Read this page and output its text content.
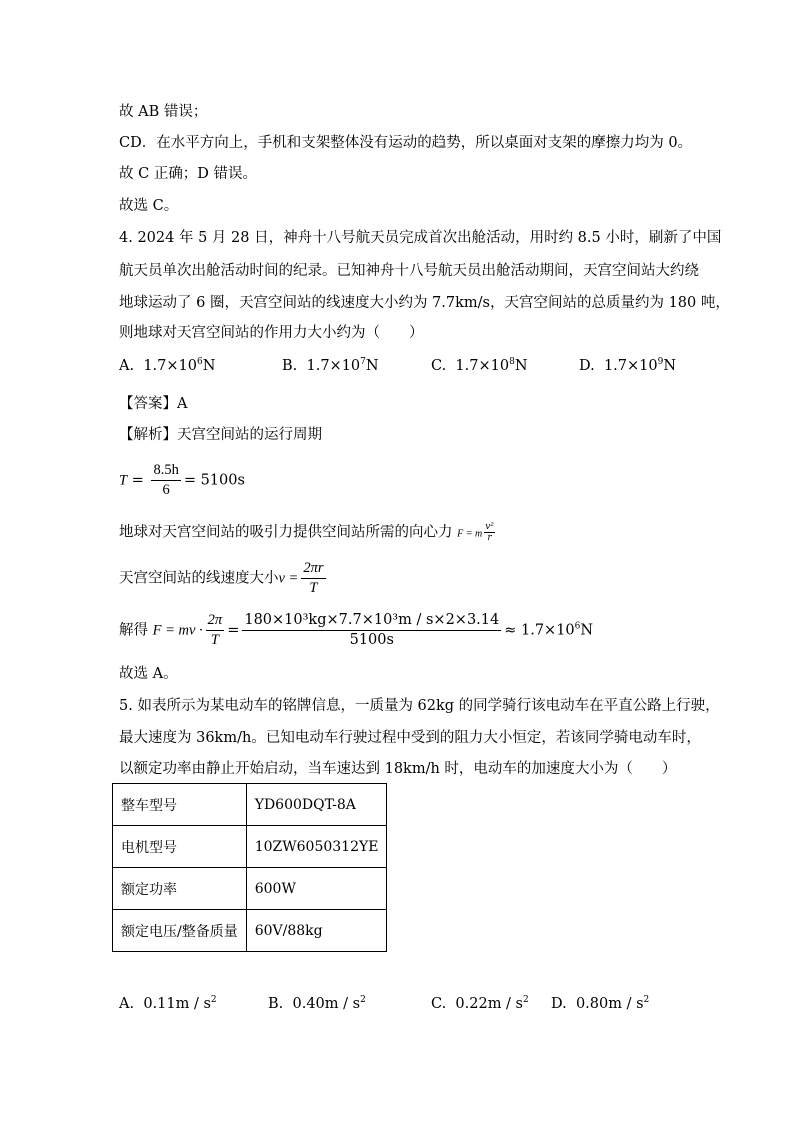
故 AB 错误；
CD．在水平方向上，手机和支架整体没有运动的趋势，所以桌面对支架的摩擦力均为 0。
故 C 正确；D 错误。
故选 C。
4. 2024 年 5 月 28 日，神舟十八号航天员完成首次出舱活动，用时约 8.5 小时，刷新了中国
航天员单次出舱活动时间的纪录。已知神舟十八号航天员出舱活动期间，天宫空间站大约绕
地球运动了 6 圈，天宫空间站的线速度大小约为 7.7km/s，天宫空间站的总质量约为 180 吨，
则地球对天宫空间站的作用力大小约为（　　）
A. $1.7\times 10^6N$	B. $1.7\times 10^7N$	C. $1.7\times 10^8N$	D. $1.7\times 10^9N$
【答案】A
【解析】天宫空间站的运行周期
$T = \frac{8.5h}{6} = 5100s$
地球对天宫空间站的吸引力提供空间站所需的向心力 F = m $\frac{\text{v²}}{r}$
天宫空间站的线速度大小$v = \frac{2\pi r}{T}$
解得 F = mv · $\frac{2\pi}{T} = \frac{\text{180×10³kg×7.7×10³m / s×2×3.14}}{5100s} \approx 1.7\times 10^6N$
故选 A。
5. 如表所示为某电动车的铭牌信息，一质量为 62kg 的同学骑行该电动车在平直公路上行驶，
最大速度为 36km/h。已知电动车行驶过程中受到的阻力大小恒定，若该同学骑电动车时，
以额定功率由静止开始启动，当车速达到 18km/h 时，电动车的加速度大小为（　　）
整车型号	YD600DQT-8A
电机型号	10ZW6050312YE
额定功率	600W
额定电压/整备质量	60V/88kg
A. $0.11m / s^2$	B. $0.40m / s^2$	C. $0.22m / s^2$ D. $0.80m / s^2$
